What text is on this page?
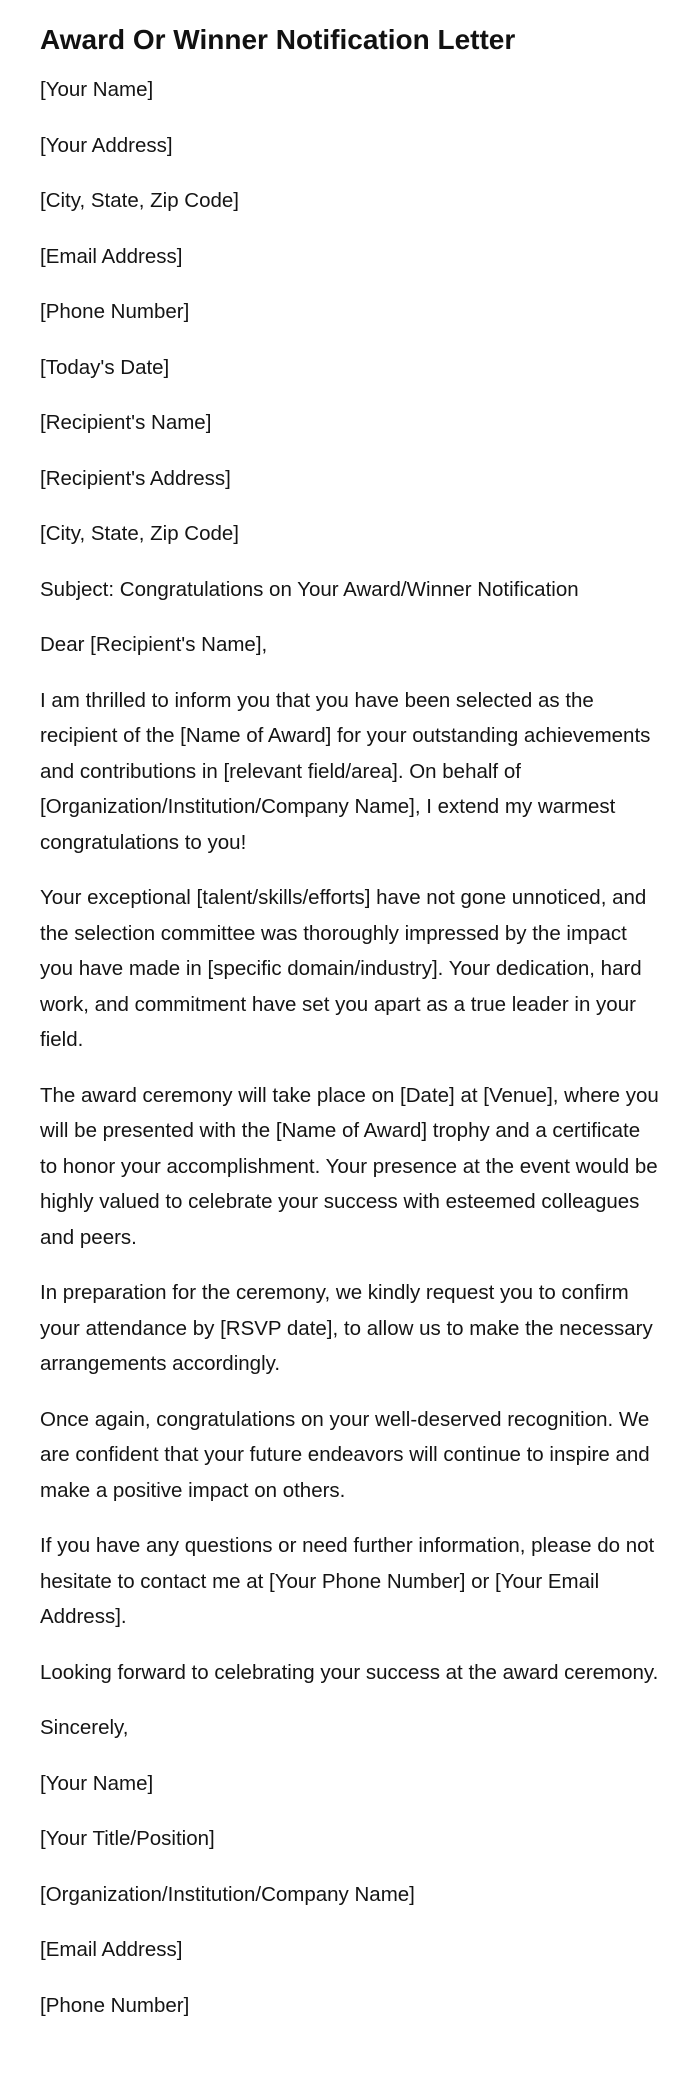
Award Or Winner Notification Letter

[Your Name]

[Your Address]

[City, State, Zip Code]

[Email Address]

[Phone Number]

[Today's Date]

[Recipient's Name]

[Recipient's Address]

[City, State, Zip Code]

Subject: Congratulations on Your Award/Winner Notification

Dear [Recipient's Name],

I am thrilled to inform you that you have been selected as the recipient of the [Name of Award] for your outstanding achievements and contributions in [relevant field/area]. On behalf of [Organization/Institution/Company Name], I extend my warmest congratulations to you!

Your exceptional [talent/skills/efforts] have not gone unnoticed, and the selection committee was thoroughly impressed by the impact you have made in [specific domain/industry]. Your dedication, hard work, and commitment have set you apart as a true leader in your field.

The award ceremony will take place on [Date] at [Venue], where you will be presented with the [Name of Award] trophy and a certificate to honor your accomplishment. Your presence at the event would be highly valued to celebrate your success with esteemed colleagues and peers.

In preparation for the ceremony, we kindly request you to confirm your attendance by [RSVP date], to allow us to make the necessary arrangements accordingly.

Once again, congratulations on your well-deserved recognition. We are confident that your future endeavors will continue to inspire and make a positive impact on others.

If you have any questions or need further information, please do not hesitate to contact me at [Your Phone Number] or [Your Email Address].

Looking forward to celebrating your success at the award ceremony.

Sincerely,

[Your Name]

[Your Title/Position]

[Organization/Institution/Company Name]

[Email Address]

[Phone Number]
